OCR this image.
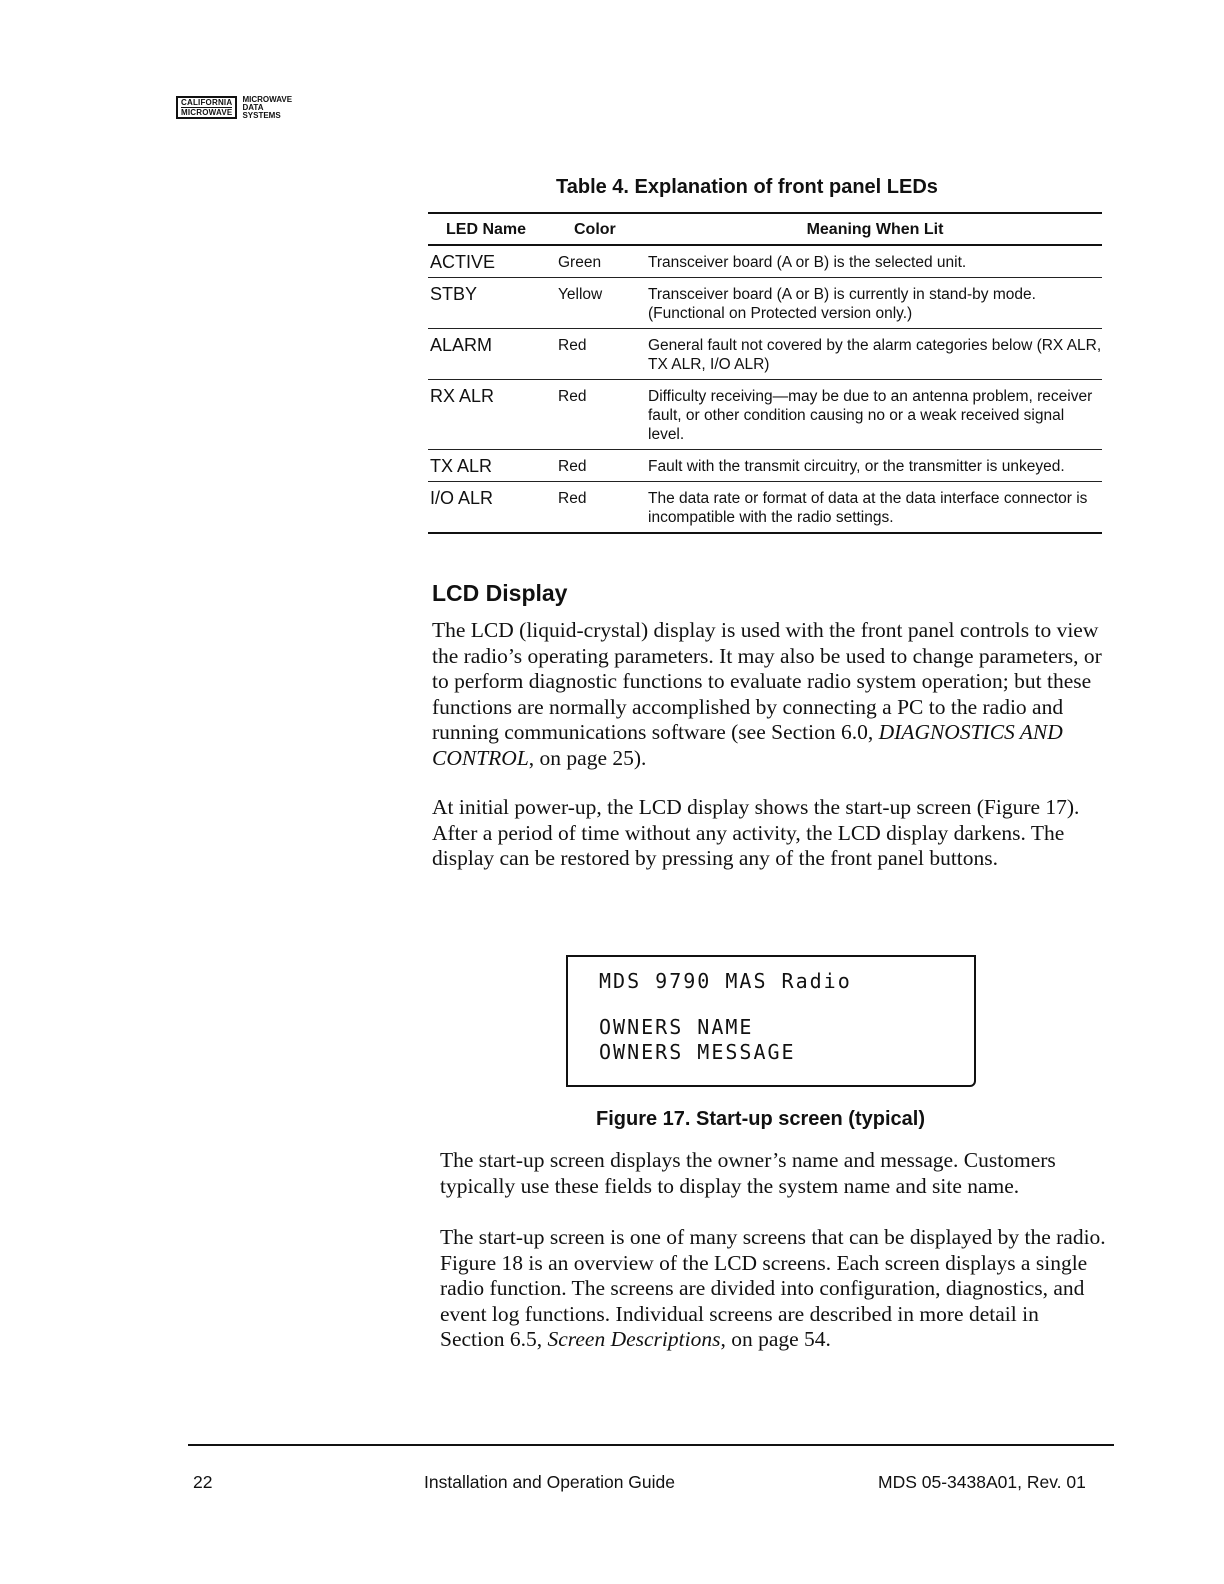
CALIFORNIA
MICROWAVE
MICROWAVE
DATA
SYSTEMS
Table 4. Explanation of front panel LEDs
LED Name	Color	Meaning When Lit
ACTIVE	Green	Transceiver board (A or B) is the selected unit.
STBY	Yellow	Transceiver board (A or B) is currently in stand-by mode. (Functional on Protected version only.)
ALARM	Red	General fault not covered by the alarm categories below (RX ALR, TX ALR, I/O ALR)
RX ALR	Red	Difficulty receiving—may be due to an antenna problem, receiver fault, or other condition causing no or a weak received signal level.
TX ALR	Red	Fault with the transmit circuitry, or the transmitter is unkeyed.
I/O ALR	Red	The data rate or format of data at the data interface connector is incompatible with the radio settings.
LCD Display

The LCD (liquid-crystal) display is used with the front panel controls to view the radio’s operating parameters. It may also be used to change parameters, or to perform diagnostic functions to evaluate radio system operation; but these functions are normally accomplished by connecting a PC to the radio and running communications software (see Section 6.0, DIAGNOSTICS AND CONTROL, on page 25).

At initial power-up, the LCD display shows the start-up screen (Figure 17). After a period of time without any activity, the LCD display darkens. The display can be restored by pressing any of the front panel buttons.

MDS 9790 MAS Radio
OWNERS NAME
OWNERS MESSAGE
Figure 17. Start-up screen (typical)

The start-up screen displays the owner’s name and message. Customers typically use these fields to display the system name and site name.

The start-up screen is one of many screens that can be displayed by the radio. Figure 18 is an overview of the LCD screens. Each screen displays a single radio function. The screens are divided into configuration, diagnostics, and event log functions. Individual screens are described in more detail in Section 6.5, Screen Descriptions, on page 54.

22	Installation and Operation Guide	MDS 05-3438A01, Rev. 01
